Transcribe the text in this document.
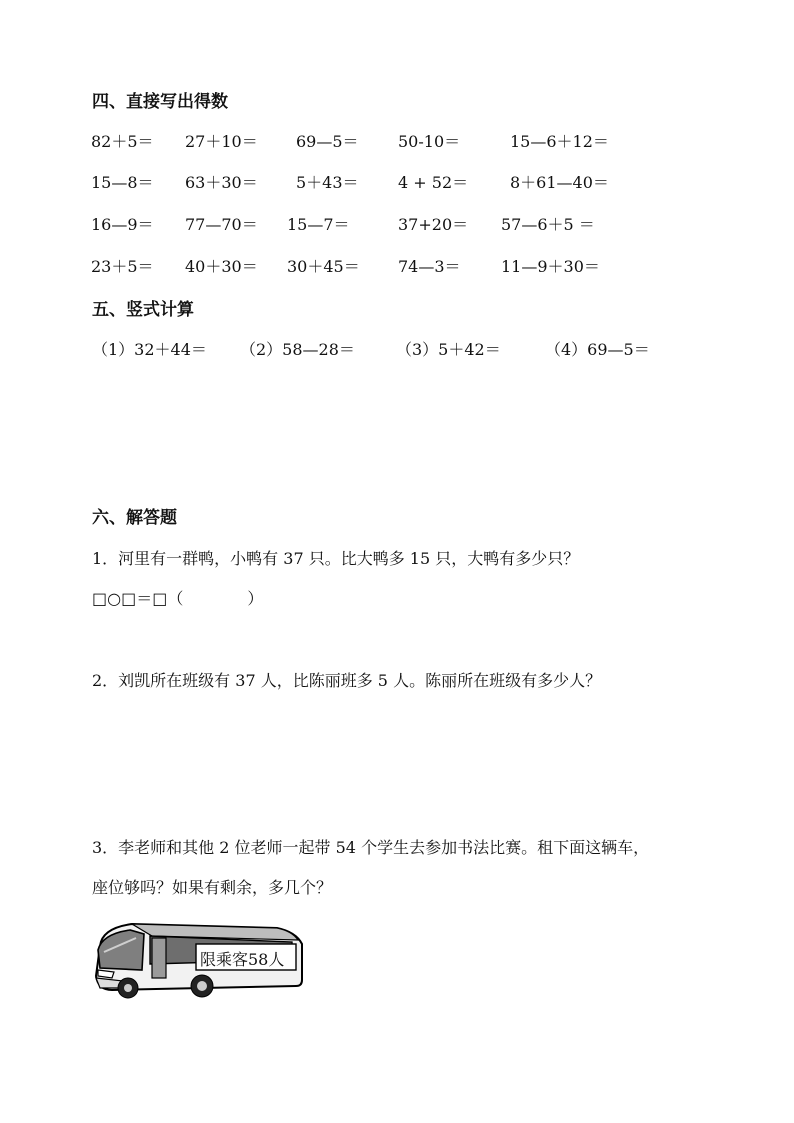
四、直接写出得数
82＋5＝ 27＋10＝ 69—5＝ 50-10＝	15—6＋12＝
15—8＝ 63＋30＝ 5＋43＝ 4 + 52＝	8＋61—40＝
16—9＝ 77—70＝ 15—7＝	37+20＝ 57—6＋5 ＝
23＋5＝ 40＋30＝ 30＋45＝ 74—3＝	11—9＋30＝
五、竖式计算
（1）32＋44＝ （2）58—28＝	（3）5＋42＝	（4）69—5＝
六、解答题
1．河里有一群鸭，小鸭有 37 只。比大鸭多 15 只，大鸭有多少只？
□○□＝□（　　　　）
2．刘凯所在班级有 37 人，比陈丽班多 5 人。陈丽所在班级有多少人？
3．李老师和其他 2 位老师一起带 54 个学生去参加书法比赛。租下面这辆车，
座位够吗？如果有剩余，多几个？
限乘客58人
